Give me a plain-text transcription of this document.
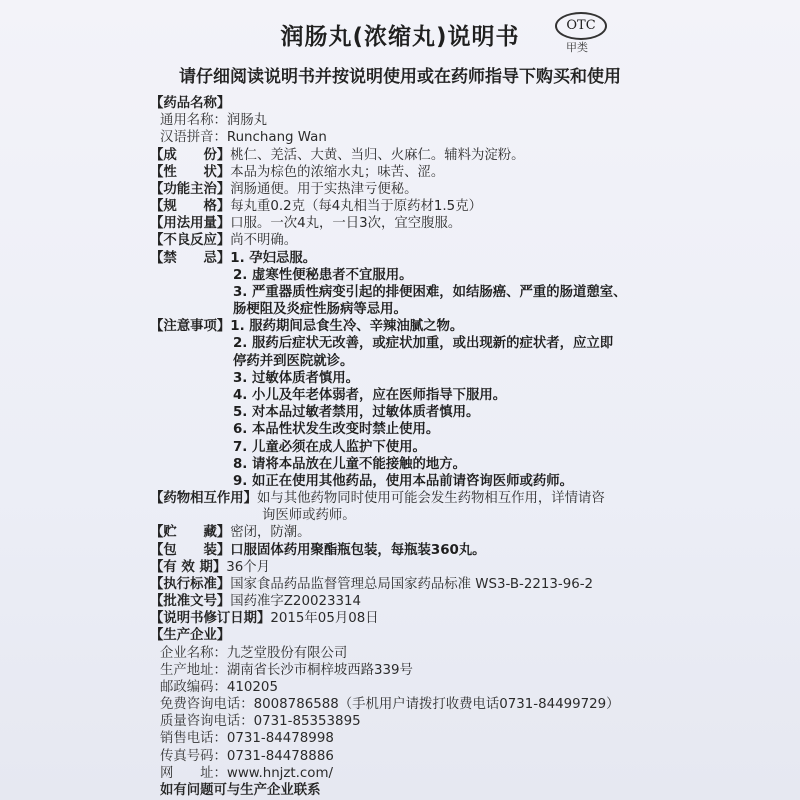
润肠丸(浓缩丸)说明书	OTC
甲类
请仔细阅读说明书并按说明使用或在药师指导下购买和使用
【药品名称】
通用名称：润肠丸
汉语拼音：Runchang Wan
【成　　份】桃仁、羌活、大黄、当归、火麻仁。辅料为淀粉。
【性　　状】本品为棕色的浓缩水丸；味苦、涩。
【功能主治】润肠通便。用于实热津亏便秘。
【规　　格】每丸重0.2克（每4丸相当于原药材1.5克）
【用法用量】口服。一次4丸，一日3次，宜空腹服。
【不良反应】尚不明确。
【禁　　忌】1. 孕妇忌服。
2. 虚寒性便秘患者不宜服用。
3. 严重器质性病变引起的排便困难，如结肠癌、严重的肠道憩室、
肠梗阻及炎症性肠病等忌用。
【注意事项】1. 服药期间忌食生冷、辛辣油腻之物。
2. 服药后症状无改善，或症状加重，或出现新的症状者，应立即
停药并到医院就诊。
3. 过敏体质者慎用。
4. 小儿及年老体弱者，应在医师指导下服用。
5. 对本品过敏者禁用，过敏体质者慎用。
6. 本品性状发生改变时禁止使用。
7. 儿童必须在成人监护下使用。
8. 请将本品放在儿童不能接触的地方。
9. 如正在使用其他药品，使用本品前请咨询医师或药师。
【药物相互作用】如与其他药物同时使用可能会发生药物相互作用，详情请咨
询医师或药师。
【贮　　藏】密闭，防潮。
【包　　装】口服固体药用聚酯瓶包装，每瓶装360丸。
【有 效 期】36个月
【执行标准】国家食品药品监督管理总局国家药品标准 WS3-B-2213-96-2
【批准文号】国药准字Z20023314
【说明书修订日期】2015年05月08日
【生产企业】
企业名称：九芝堂股份有限公司
生产地址：湖南省长沙市桐梓坡西路339号
邮政编码：410205
免费咨询电话：8008786588（手机用户请拨打收费电话0731-84499729）
质量咨询电话：0731-85353895
销售电话：0731-84478998
传真号码：0731-84478886
网　　址：www.hnjzt.com/
如有问题可与生产企业联系
